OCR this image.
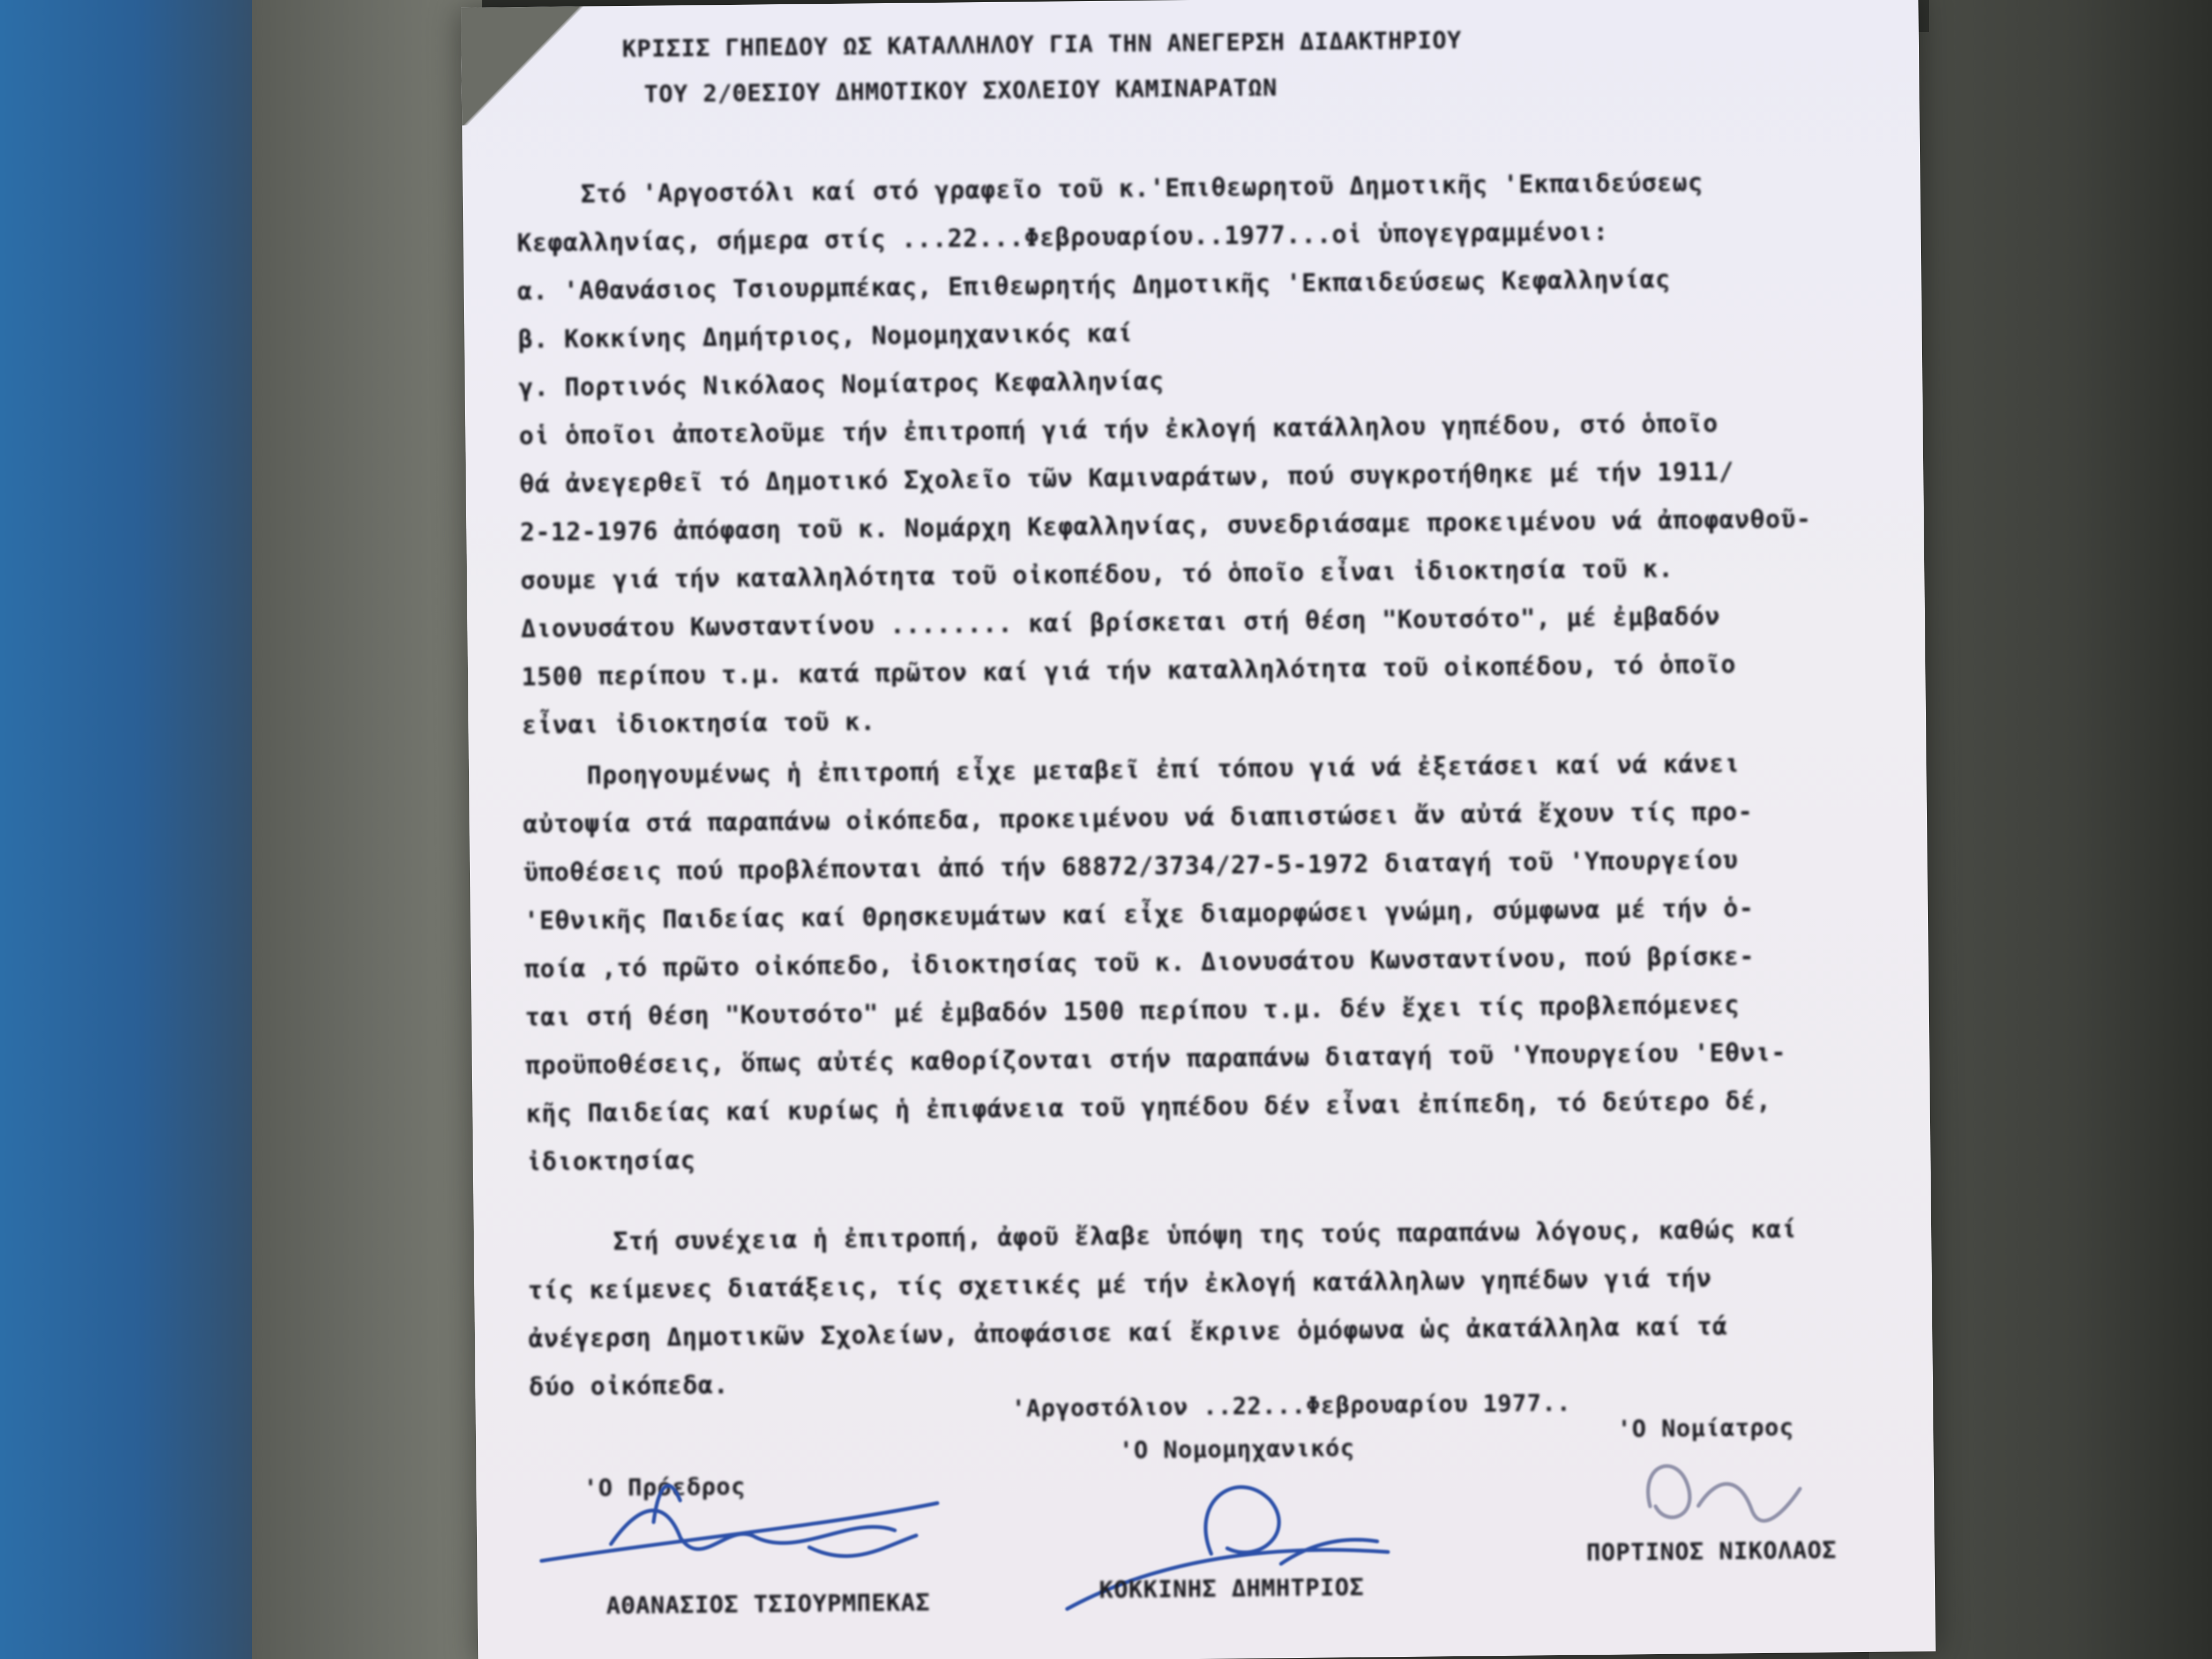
ΚΡΙΣΙΣ ΓΗΠΕΔΟΥ ΩΣ ΚΑΤΑΛΛΗΛΟΥ ΓΙΑ ΤΗΝ ΑΝΕΓΕΡΣΗ ΔΙΔΑΚΤΗΡΙΟΥ
ΤΟΥ 2/ΘΕΣΙΟΥ ΔΗΜΟΤΙΚΟΥ ΣΧΟΛΕΙΟΥ ΚΑΜΙΝΑΡΑΤΩΝ
Στό 'Αργοστόλι καί στό γραφεῖο τοῦ κ.'Επιθεωρητοῦ Δημοτικῆς 'Εκπαιδεύσεως
Κεφαλληνίας, σήμερα στίς ...22...Φεβρουαρίου..1977...οἱ ὑπογεγραμμένοι:
α. 'Αθανάσιος Τσιουρμπέκας, Επιθεωρητής Δημοτικῆς 'Εκπαιδεύσεως Κεφαλληνίας
β. Κοκκίνης Δημήτριος, Νομομηχανικός καί
γ. Πορτινός Νικόλαος Νομίατρος Κεφαλληνίας
οἱ ὁποῖοι ἀποτελοῦμε τήν ἐπιτροπή γιά τήν ἐκλογή κατάλληλου γηπέδου, στό ὁποῖο
θά ἀνεγερθεῖ τό Δημοτικό Σχολεῖο τῶν Καμιναράτων, πού συγκροτήθηκε μέ τήν 1911/
2-12-1976 ἀπόφαση τοῦ κ. Νομάρχη Κεφαλληνίας, συνεδριάσαμε προκειμένου νά ἀποφανθοῦ-
σουμε γιά τήν καταλληλότητα τοῦ οἰκοπέδου, τό ὁποῖο εἶναι ἰδιοκτησία τοῦ κ.
Διονυσάτου Κωνσταντίνου ........ καί βρίσκεται στή θέση "Κουτσότο", μέ ἐμβαδόν
1500 περίπου τ.μ. κατά πρῶτον καί γιά τήν καταλληλότητα τοῦ οἰκοπέδου, τό ὁποῖο
εἶναι ἰδιοκτησία τοῦ κ.
Προηγουμένως ἡ ἐπιτροπή εἶχε μεταβεῖ ἐπί τόπου γιά νά ἐξετάσει καί νά κάνει
αὐτοψία στά παραπάνω οἰκόπεδα, προκειμένου νά διαπιστώσει ἄν αὐτά ἔχουν τίς προ-
ϋποθέσεις πού προβλέπονται ἀπό τήν 68872/3734/27-5-1972 διαταγή τοῦ 'Υπουργείου
'Εθνικῆς Παιδείας καί Θρησκευμάτων καί εἶχε διαμορφώσει γνώμη, σύμφωνα μέ τήν ὁ-
ποία ,τό πρῶτο οἰκόπεδο, ἰδιοκτησίας τοῦ κ. Διονυσάτου Κωνσταντίνου, πού βρίσκε-
ται στή θέση "Κουτσότο" μέ ἐμβαδόν 1500 περίπου τ.μ. δέν ἔχει τίς προβλεπόμενες
προϋποθέσεις, ὅπως αὐτές καθορίζονται στήν παραπάνω διαταγή τοῦ 'Υπουργείου 'Εθνι-
κῆς Παιδείας καί κυρίως ἡ ἐπιφάνεια τοῦ γηπέδου δέν εἶναι ἐπίπεδη, τό δεύτερο δέ,
ἰδιοκτησίας
Στή συνέχεια ἡ ἐπιτροπή, ἀφοῦ ἔλαβε ὑπόψη της τούς παραπάνω λόγους, καθώς καί
τίς κείμενες διατάξεις, τίς σχετικές μέ τήν ἐκλογή κατάλληλων γηπέδων γιά τήν
ἀνέγερση Δημοτικῶν Σχολείων, ἀποφάσισε καί ἔκρινε ὁμόφωνα ὡς ἀκατάλληλα καί τά
δύο οἰκόπεδα.
'Αργοστόλιον ..22...Φεβρουαρίου 1977..
'Ο Νομίατρος
'Ο Νομομηχανικός
'Ο Πρόεδρος
ΑΘΑΝΑΣΙΟΣ ΤΣΙΟΥΡΜΠΕΚΑΣ
ΚΟΚΚΙΝΗΣ ΔΗΜΗΤΡΙΟΣ
ΠΟΡΤΙΝΟΣ ΝΙΚΟΛΑΟΣ
